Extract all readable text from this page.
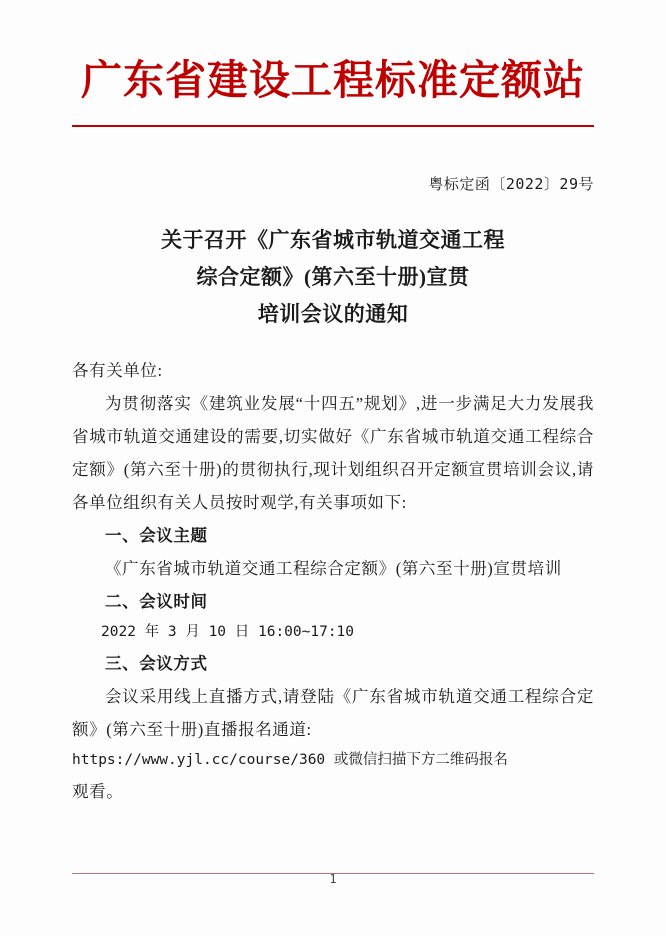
广东省建设工程标准定额站
粤标定函〔2022〕29号
关于召开《广东省城市轨道交通工程
综合定额》(第六至十册)宣贯
培训会议的通知

各有关单位:

为贯彻落实《建筑业发展“十四五”规划》,进一步满足大力发展我省城市轨道交通建设的需要,切实做好《广东省城市轨道交通工程综合定额》(第六至十册)的贯彻执行,现计划组织召开定额宣贯培训会议,请各单位组织有关人员按时观学,有关事项如下:

一、会议主题

《广东省城市轨道交通工程综合定额》(第六至十册)宣贯培训

二、会议时间

2022 年 3 月 10 日 16:00~17:10

三、会议方式

会议采用线上直播方式,请登陆《广东省城市轨道交通工程综合定额》(第六至十册)直播报名通道:

https://www.yjl.cc/course/360 或微信扫描下方二维码报名

观看。

1
